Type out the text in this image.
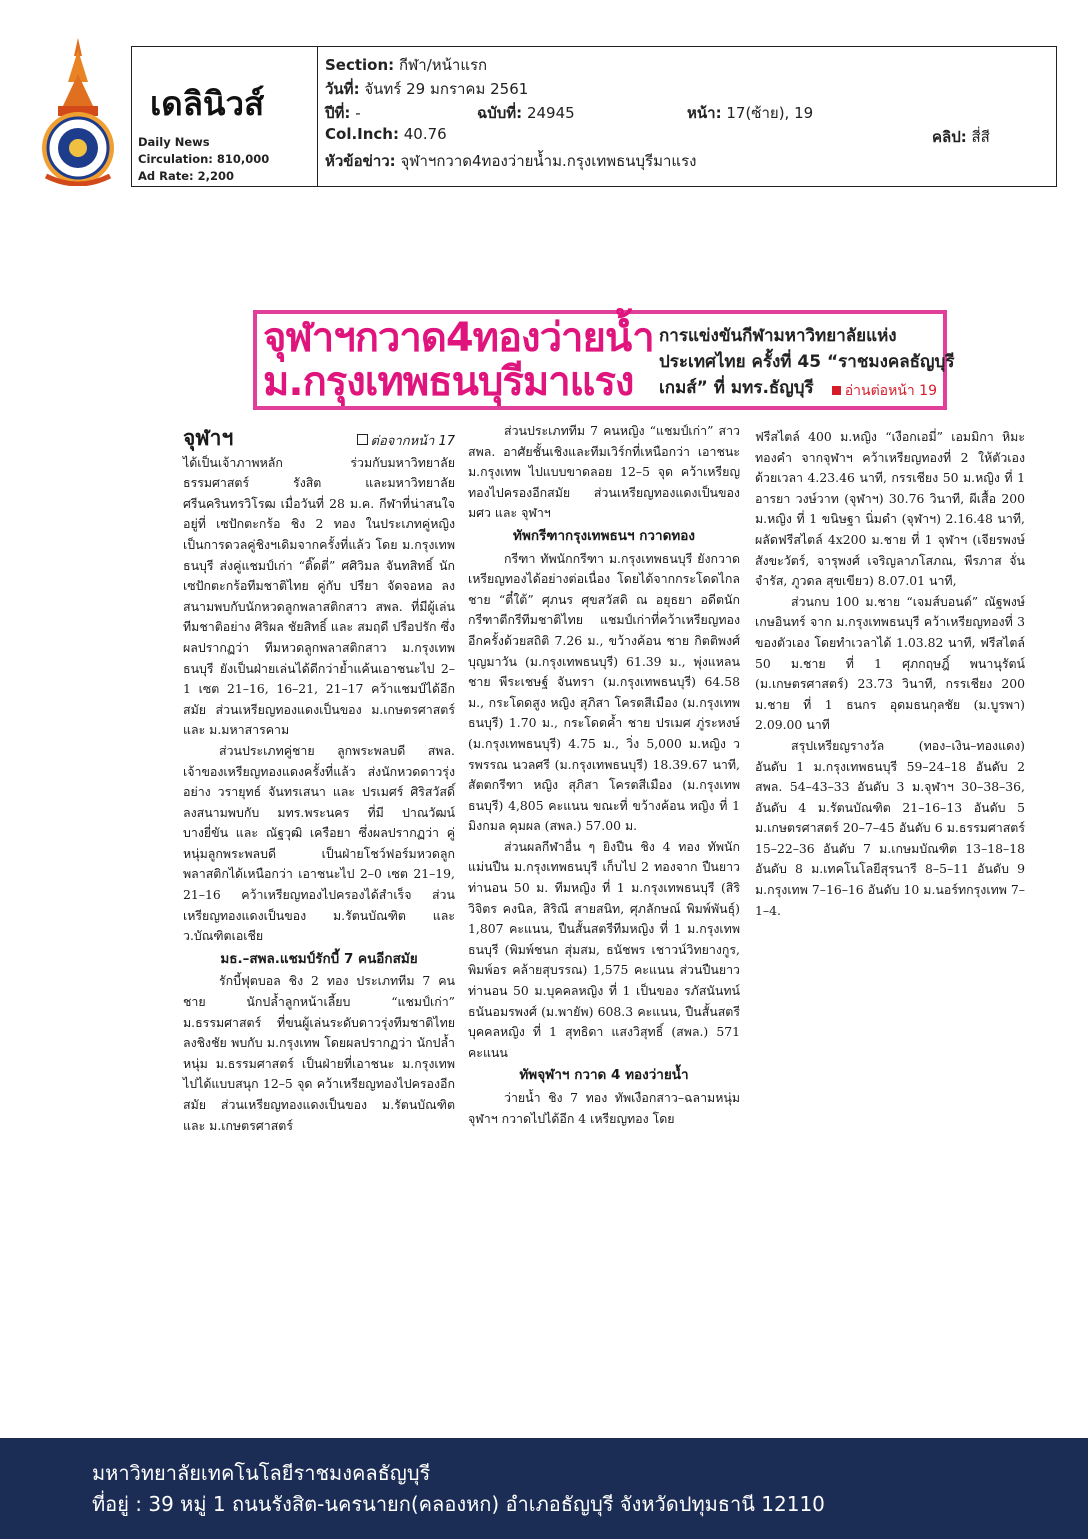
เดลินิวส์
Daily News
Circulation: 810,000
Ad Rate: 2,200
Section: กีฬา/หน้าแรก
วันที่: จันทร์ 29 มกราคม 2561
ปีที่: -	ฉบับที่: 24945	หน้า: 17(ซ้าย), 19
Col.Inch: 40.76	คลิป: สี่สี
หัวข้อข่าว: จุฬาฯกวาด4ทองว่ายน้ำม.กรุงเทพธนบุรีมาแรง
จุฬาฯกวาด4ทองว่ายน้ำ
ม.กรุงเทพธนบุรีมาแรง
การแข่งขันกีฬามหาวิทยาลัยแห่ง
ประเทศไทย ครั้งที่ 45 “ราชมงคลธัญบุรี
เกมส์” ที่ มทร.ธัญบุรี	อ่านต่อหน้า 19
จุฬาฯ	ต่อจากหน้า 17

ได้เป็นเจ้าภาพหลัก ร่วมกับมหาวิทยาลัยธรรมศาสตร์ รังสิต และมหาวิทยาลัยศรีนครินทรวิโรฒ เมื่อวันที่ 28 ม.ค. กีฬาที่น่าสนใจอยู่ที่ เซปักตะกร้อ ชิง 2 ทอง ในประเภทคู่หญิง เป็นการดวลคู่ชิงฯเดิมจากครั้งที่แล้ว โดย ม.กรุงเทพธนบุรี ส่งคู่แชมป์เก่า “ติ๊ดตี่” ศศิวิมล จันทสิทธิ์ นักเซปักตะกร้อทีมชาติไทย คู่กับ ปรียา จัดจอหอ ลงสนามพบกับนักหวดลูกพลาสติกสาว สพล. ที่มีผู้เล่นทีมชาติอย่าง ศิริผล ชัยสิทธิ์ และ สมฤดี ปรือปรัก ซึ่งผลปรากฏว่า ทีมหวดลูกพลาสติกสาว ม.กรุงเทพธนบุรี ยังเป็นฝ่ายเล่นได้ดีกว่าย้ำแค้นเอาชนะไป 2–1 เซต 21–16, 16–21, 21–17 คว้าแชมป์ได้อีกสมัย ส่วนเหรียญทองแดงเป็นของ ม.เกษตรศาสตร์ และ ม.มหาสารคาม

ส่วนประเภทคู่ชาย ลูกพระพลบดี สพล. เจ้าของเหรียญทองแดงครั้งที่แล้ว ส่งนักหวดดาวรุ่งอย่าง วรายุทธ์ จันทรเสนา และ ปรเมศร์ ศิริสวัสดิ์ ลงสนามพบกับ มทร.พระนคร ที่มี ปาณวัฒน์ บางยี่ขัน และ ณัฐวุฒิ เครือยา ซึ่งผลปรากฏว่า คู่หนุ่มลูกพระพลบดี เป็นฝ่ายโชว์ฟอร์มหวดลูกพลาสติกได้เหนือกว่า เอาชนะไป 2–0 เซต 21–19, 21–16 คว้าเหรียญทองไปครองได้สำเร็จ ส่วนเหรียญทองแดงเป็นของ ม.รัตนบัณฑิต และ ว.บัณฑิตเอเชีย

มธ.–สพล.แชมป์รักบี้ 7 คนอีกสมัย

รักบี้ฟุตบอล ชิง 2 ทอง ประเภททีม 7 คน ชาย นักปล้ำลูกหน้าเลี้ยบ “แชมป์เก่า” ม.ธรรมศาสตร์ ที่ขนผู้เล่นระดับดาวรุ่งทีมชาติไทยลงชิงชัย พบกับ ม.กรุงเทพ โดยผลปรากฏว่า นักปล้ำหนุ่ม ม.ธรรมศาสตร์ เป็นฝ่ายที่เอาชนะ ม.กรุงเทพ ไปได้แบบสนุก 12–5 จุด คว้าเหรียญทองไปครองอีกสมัย ส่วนเหรียญทองแดงเป็นของ ม.รัตนบัณฑิต และ ม.เกษตรศาสตร์

ส่วนประเภททีม 7 คนหญิง “แชมป์เก่า” สาว สพล. อาศัยชั้นเชิงและทีมเวิร์กที่เหนือกว่า เอาชนะ ม.กรุงเทพ ไปแบบขาดลอย 12–5 จุด คว้าเหรียญทองไปครองอีกสมัย ส่วนเหรียญทองแดงเป็นของ มศว และ จุฬาฯ

ทัพกรีฑากรุงเทพธนฯ กวาดทอง

กรีฑา ทัพนักกรีฑา ม.กรุงเทพธนบุรี ยังกวาดเหรียญทองได้อย่างต่อเนื่อง โดยได้จากกระโดดไกล ชาย “ตี๋ใต้” ศุภนร ศุขสวัสดิ ณ อยุธยา อดีตนักกรีฑาตีกรีทีมชาติไทย แชมป์เก่าที่คว้าเหรียญทองอีกครั้งด้วยสถิติ 7.26 ม., ขว้างค้อน ชาย กิตติพงศ์ บุญมาวัน (ม.กรุงเทพธนบุรี) 61.39 ม., พุ่งแหลน ชาย พีระเชษฐ์ จันทรา (ม.กรุงเทพธนบุรี) 64.58 ม., กระโดดสูง หญิง สุภิสา โครตสีเมือง (ม.กรุงเทพธนบุรี) 1.70 ม., กระโดดค้ำ ชาย ปรเมศ ภู่ระหงษ์ (ม.กรุงเทพธนบุรี) 4.75 ม., วิ่ง 5,000 ม.หญิง วรพรรณ นวลศรี (ม.กรุงเทพธนบุรี) 18.39.67 นาที, สัตตกรีฑา หญิง สุภิสา โครตสีเมือง (ม.กรุงเทพธนบุรี) 4,805 คะแนน ขณะที่ ขว้างค้อน หญิง ที่ 1 มิงกมล คุมผล (สพล.) 57.00 ม.

ส่วนผลกีฬาอื่น ๆ ยิงปืน ชิง 4 ทอง ทัพนักแม่นปืน ม.กรุงเทพธนบุรี เก็บไป 2 ทองจาก ปืนยาวท่านอน 50 ม. ทีมหญิง ที่ 1 ม.กรุงเทพธนบุรี (สิริวิจิตร คงนิล, สิริณี สายสนิท, ศุภลักษณ์ พิมพ์พันธุ์) 1,807 คะแนน, ปืนสั้นสตรีทีมหญิง ที่ 1 ม.กรุงเทพธนบุรี (พิมพ์ชนก สุ่มสม, ธนัชพร เชาวน์วิทยางกูร, พิมพ์อร คล้ายสุบรรณ) 1,575 คะแนน ส่วนปืนยาวท่านอน 50 ม.บุคคลหญิง ที่ 1 เป็นของ รภัสนันทน์ ธนันอมรพงศ์ (ม.พายัพ) 608.3 คะแนน, ปืนสั้นสตรี บุคคลหญิง ที่ 1 สุทธิดา แสงวิสุทธิ์ (สพล.) 571 คะแนน

ทัพจุฬาฯ กวาด 4 ทองว่ายน้ำ

ว่ายน้ำ ชิง 7 ทอง ทัพเงือกสาว–ฉลามหนุ่ม จุฬาฯ กวาดไปได้อีก 4 เหรียญทอง โดย

ฟรีสไตล์ 400 ม.หญิง “เงือกเอมี่” เอมมิกา หิมะทองคำ จากจุฬาฯ คว้าเหรียญทองที่ 2 ให้ตัวเองด้วยเวลา 4.23.46 นาที, กรรเชียง 50 ม.หญิง ที่ 1 อารยา วงษ์วาท (จุฬาฯ) 30.76 วินาที, ผีเสื้อ 200 ม.หญิง ที่ 1 ขนิษฐา นิ่มดำ (จุฬาฯ) 2.16.48 นาที, ผลัดฟรีสไตล์ 4x200 ม.ชาย ที่ 1 จุฬาฯ (เจียรพงษ์ สังขะวัตร์, จารุพงศ์ เจริญลาภโสภณ, พีรภาส จั่นจำรัส, ภูวดล สุขเขียว) 8.07.01 นาที,

ส่วนกบ 100 ม.ชาย “เจมส์บอนด์” ณัฐพงษ์ เกษอินทร์ จาก ม.กรุงเทพธนบุรี คว้าเหรียญทองที่ 3 ของตัวเอง โดยทำเวลาได้ 1.03.82 นาที, ฟรีสไตล์ 50 ม.ชาย ที่ 1 ศุภกฤษฎิ์ พนานุรัตน์ (ม.เกษตรศาสตร์) 23.73 วินาที, กรรเชียง 200 ม.ชาย ที่ 1 ธนกร อุดมธนกุลชัย (ม.บูรพา) 2.09.00 นาที

สรุปเหรียญรางวัล (ทอง–เงิน–ทองแดง) อันดับ 1 ม.กรุงเทพธนบุรี 59–24–18 อันดับ 2 สพล. 54–43–33 อันดับ 3 ม.จุฬาฯ 30–38–36, อันดับ 4 ม.รัตนบัณฑิต 21–16–13 อันดับ 5 ม.เกษตรศาสตร์ 20–7–45 อันดับ 6 ม.ธรรมศาสตร์ 15–22–36 อันดับ 7 ม.เกษมบัณฑิต 13–18–18 อันดับ 8 ม.เทคโนโลยีสุรนารี 8–5–11 อันดับ 9 ม.กรุงเทพ 7–16–16 อันดับ 10 ม.นอร์ทกรุงเทพ 7–1–4.

มหาวิทยาลัยเทคโนโลยีราชมงคลธัญบุรี
ที่อยู่ : 39 หมู่ 1 ถนนรังสิต-นครนายก(คลองหก) อำเภอธัญบุรี จังหวัดปทุมธานี 12110
